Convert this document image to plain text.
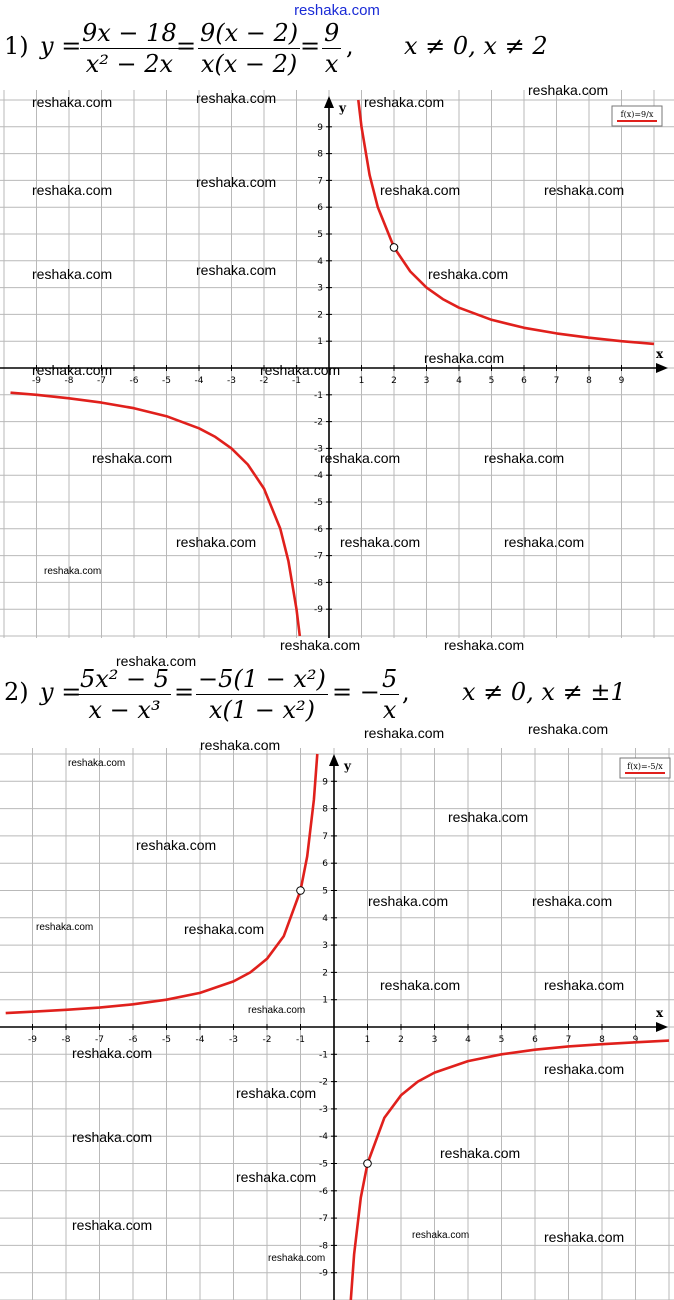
reshaka.com
1) y =
$\frac{9x - 18}{\text{x² − 2x}}$
= $\frac{9(x - 2)}{x(x - 2)} = \frac{9}{x}$ , x ≠ 0, x ≠ 2
x
y
-9	-8	-7	-6	-5	-4	-3	-2	-1	1	2	3	4	5	6	7	8	9
-9
-8
-7
-6
-5
-4
-3
-2
-1
1
2
3
4
5
6
7
8
9
f(x)=9/x
2) y =
$\frac{\text{5x² − 5}}{\text{x − x³}} = \frac{\text{−5(1 − x²)}}{\text{x(1 − x²)}}$ = − $\frac{5}{x}$ , x ≠ 0, x ≠ ±1
x
y
-9	-8	-7	-6	-5	-4	-3	-2	-1	1	2	3	4	5	6	7	8	9
-9
-8
-7
-6
-5
-4
-3
-2
-1
1
2
3
4
5
6
7
8
9
f(x)=-5/x
reshaka.com	reshaka.com	reshaka.com
reshaka.com
reshaka.com	reshaka.com	reshaka.com	reshaka.com
reshaka.com	reshaka.com	reshaka.com
reshaka.com	reshaka.com
reshaka.com
reshaka.com	reshaka.com	reshaka.com
reshaka.com	reshaka.com	reshaka.com
reshaka.com
reshaka.com	reshaka.com
reshaka.com
reshaka.com
reshaka.com	reshaka.com
reshaka.com
reshaka.com
reshaka.com
reshaka.com	reshaka.com
reshaka.com	reshaka.com
reshaka.com	reshaka.com
reshaka.com
reshaka.com
reshaka.com
reshaka.com
reshaka.com
reshaka.com
reshaka.com
reshaka.com
reshaka.com	reshaka.com
reshaka.com
